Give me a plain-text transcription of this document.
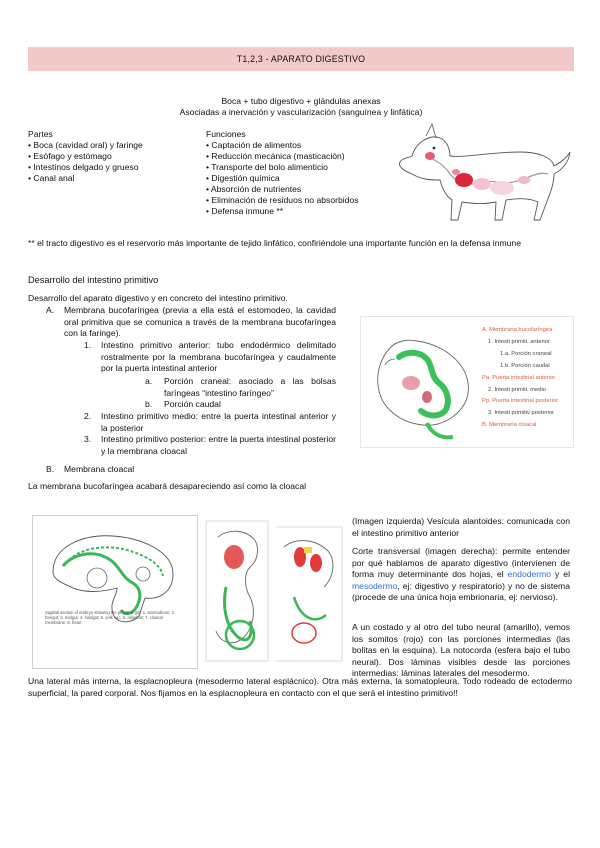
T1,2,3 - APARATO DIGESTIVO
Boca + tubo digestivo + glándulas anexas
Asociadas a inervación y vascularización (sanguínea y linfática)
Partes
• Boca (cavidad oral) y faringe
• Esófago y estómago
• Intestinos delgado y grueso
• Canal anal
Funciones
• Captación de alimentos
• Reducción mecánica (masticación)
• Transporte del bolo alimenticio
• Digestión química
• Absorción de nutrientes
• Eliminación de residuos no absorbidos
• Defensa inmune **
** el tracto digestivo es el reservorio más importante de tejido linfático, confiriéndole una importante función en la defensa inmune
Desarrollo del intestino primitivo
Desarrollo del aparato digestivo y en concreto del intestino primitivo.
A. Membrana bucofaríngea (previa a ella está el estomodeo, la cavidad oral primitiva que se comunica a través de la membrana bucofaríngea con la faringe).
1. Intestino primitivo anterior: tubo endodérmico delimitado rostralmente por la membrana bucofaríngea y caudalmente por la puerta intestinal anterior
a. Porción craneal: asociado a las bolsas faríngeas “intestino faríngeo”
b. Porción caudal
2. Intestino primitivo medio: entre la puerta intestinal anterior y la posterior
3. Intestino primitivo posterior: entre la puerta intestinal posterior y la membrana cloacal
B. Membrana cloacal
La membrana bucofaríngea acabará desapareciendo así como la cloacal
A. Membrana bucofaríngea
1. Intesti primiti. anterior
1.a. Porción craneal
1.b. Porción caudal
Pa. Puerta intestinal anterior
2. Intesti primiti. medio
Pp. Puerta intestinal posterior
3. Intesti primitiv posterior
B. Membrana cloacal
Sagittal section of embryo showing the primitive gut; 1. stomodeum; 2. foregut; 3. midgut; 4. hindgut; 5. yolk sac; 6. allantois; 7. cloacal membrane; 8. heart
(Imagen izquierda) Vesícula alantoides: comunicada con el intestino primitivo anterior
Corte transversal (imagen derecha): permite entender por qué hablamos de aparato digestivo (intervienen de forma muy determinante dos hojas, el endodermo y el mesodermo, ej: digestivo y respiratorio) y no de sistema (procede de una única hoja embrionaria, ej: nervioso).
A un costado y al otro del tubo neural (amarillo), vemos los somitos (rojo) con las porciones intermedias (las bolitas en la esquina). La notocorda (esfera bajo el tubo neural). Dos láminas visibles desde las porciones intermedias: láminas laterales del mesodermo.
Una lateral más interna, la esplacnopleura (mesodermo lateral esplácnico). Otra más externa, la somatopleura. Todo rodeado de ectodermo superficial, la pared corporal. Nos fijamos en la esplacnopleura en contacto con el que será el intestino primitivo!!
